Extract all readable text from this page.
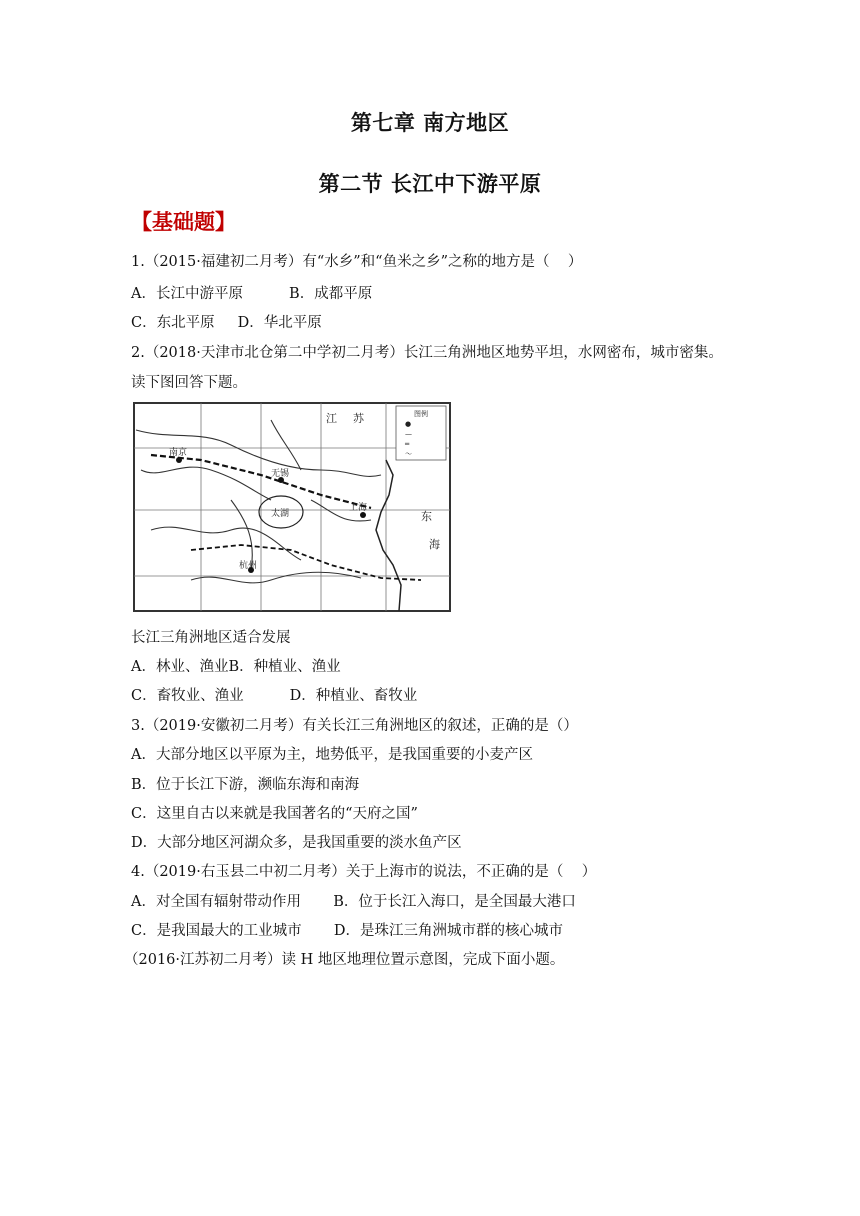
第七章 南方地区
第二节 长江中下游平原
【基础题】
1.（2015·福建初二月考）有“水乡”和“鱼米之乡”之称的地方是（    ）
A．长江中游平原          B．成都平原
C．东北平原     D．华北平原
2.（2018·天津市北仓第二中学初二月考）长江三角洲地区地势平坦，水网密布，城市密集。
读下图回答下题。
图例
●
—
═
～
江 苏
南京
无锡
上海
太湖	东
海
杭州
长江三角洲地区适合发展
A．林业、渔业B．种植业、渔业
C．畜牧业、渔业          D．种植业、畜牧业
3.（2019·安徽初二月考）有关长江三角洲地区的叙述，正确的是（）
A．大部分地区以平原为主，地势低平，是我国重要的小麦产区
B．位于长江下游，濒临东海和南海
C．这里自古以来就是我国著名的“天府之国”
D．大部分地区河湖众多，是我国重要的淡水鱼产区
4.（2019·右玉县二中初二月考）关于上海市的说法，不正确的是（    ）
A．对全国有辐射带动作用       B．位于长江入海口，是全国最大港口
C．是我国最大的工业城市       D．是珠江三角洲城市群的核心城市
（2016·江苏初二月考）读 H 地区地理位置示意图，完成下面小题。
